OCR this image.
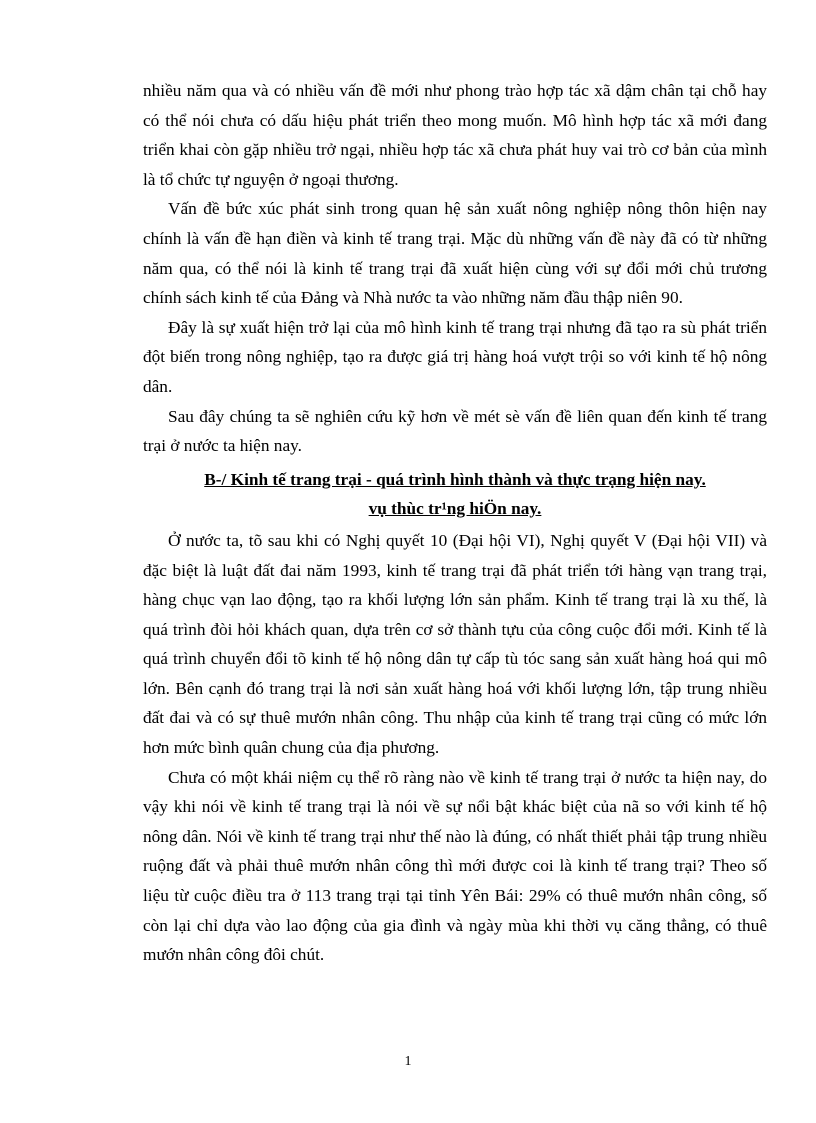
nhiều năm qua và có nhiều vấn đề mới như phong trào hợp tác xã dậm chân tại chỗ hay có thể nói chưa có dấu hiệu phát triển theo mong muốn. Mô hình hợp tác xã mới đang triển khai còn gặp nhiều trở ngại, nhiều hợp tác xã chưa phát huy vai trò cơ bản của mình là tổ chức tự nguyện ở ngoại thương.

Vấn đề bức xúc phát sinh trong quan hệ sản xuất nông nghiệp nông thôn hiện nay chính là vấn đề hạn điền và kinh tế trang trại. Mặc dù những vấn đề này đã có từ những năm qua, có thể nói là kinh tế trang trại đã xuất hiện cùng với sự đổi mới chủ trương chính sách kinh tế của Đảng và Nhà nước ta vào những năm đầu thập niên 90.

Đây là sự xuất hiện trở lại của mô hình kinh tế trang trại nhưng đã tạo ra sù phát triển đột biến trong nông nghiệp, tạo ra được giá trị hàng hoá vượt trội so với kinh tế hộ nông dân.

Sau đây chúng ta sẽ nghiên cứu kỹ hơn về mét sè vấn đề liên quan đến kinh tế trang trại ở nước ta hiện nay.

B-/ Kinh tế trang trại - quá trình hình thành và thực trạng hiện nay.

vụ thùc tr¹ng hiÖn nay.

Ở nước ta, tõ sau khi có Nghị quyết 10 (Đại hội VI), Nghị quyết V (Đại hội VII) và đặc biệt là luật đất đai năm 1993, kinh tế trang trại đã phát triển tới hàng vạn trang trại, hàng chục vạn lao động, tạo ra khối lượng lớn sản phẩm. Kinh tế trang trại là xu thế, là quá trình đòi hỏi khách quan, dựa trên cơ sở thành tựu của công cuộc đổi mới. Kinh tế là quá trình chuyển đổi tõ kinh tế hộ nông dân tự cấp tù tóc sang sản xuất hàng hoá qui mô lớn. Bên cạnh đó trang trại là nơi sản xuất hàng hoá với khối lượng lớn, tập trung nhiều đất đai và có sự thuê mướn nhân công. Thu nhập của kinh tế trang trại cũng có mức lớn hơn mức bình quân chung của địa phương.

Chưa có một khái niệm cụ thể rõ ràng nào về kinh tế trang trại ở nước ta hiện nay, do vậy khi nói về kinh tế trang trại là nói về sự nổi bật khác biệt của nã so với kinh tế hộ nông dân. Nói về kinh tế trang trại như thế nào là đúng, có nhất thiết phải tập trung nhiều ruộng đất và phải thuê mướn nhân công thì mới được coi là kinh tế trang trại? Theo số liệu từ cuộc điều tra ở 113 trang trại tại tỉnh Yên Bái: 29% có thuê mướn nhân công, số còn lại chỉ dựa vào lao động của gia đình và ngày mùa khi thời vụ căng thẳng, có thuê mướn nhân công đôi chút.

1
